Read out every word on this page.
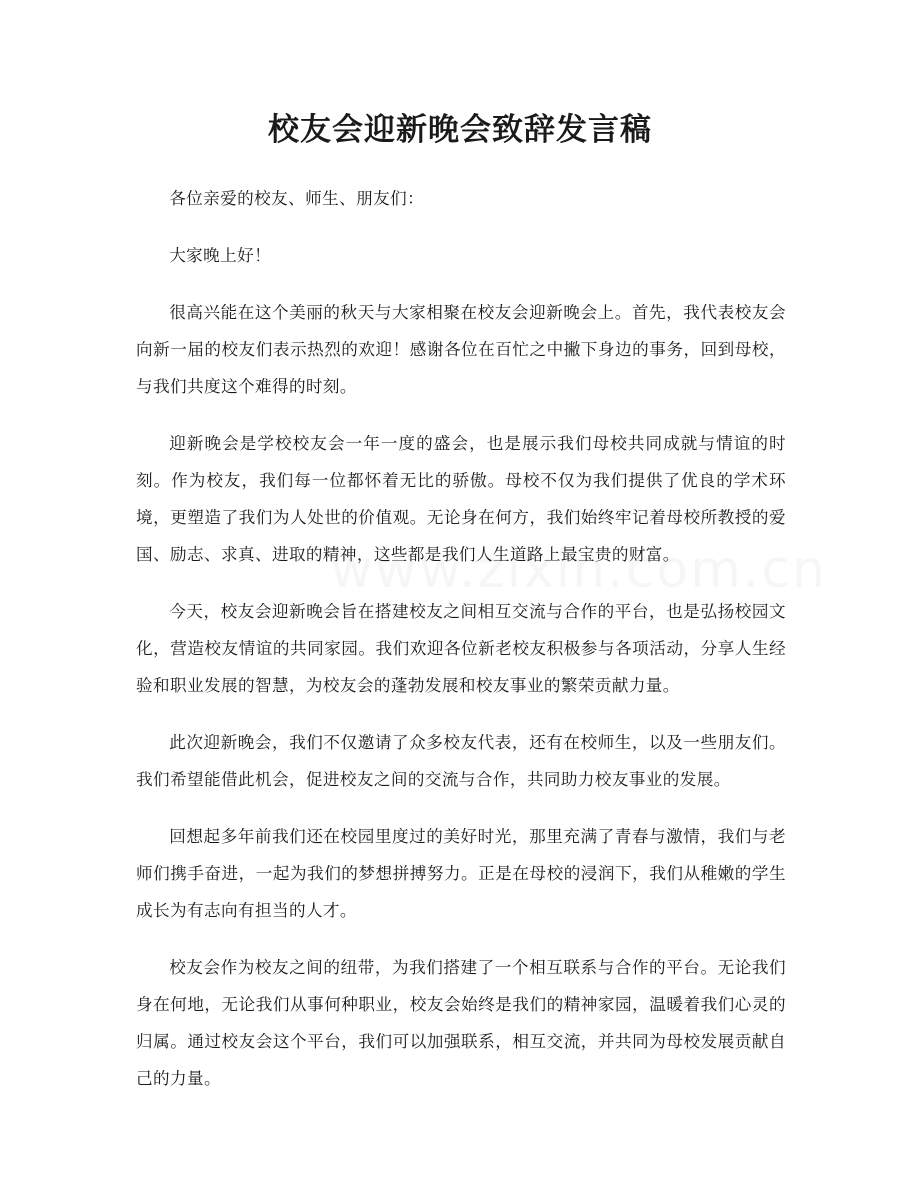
校友会迎新晚会致辞发言稿

各位亲爱的校友、师生、朋友们：

大家晚上好！

很高兴能在这个美丽的秋天与大家相聚在校友会迎新晚会上。首先，我代表校友会向新一届的校友们表示热烈的欢迎！感谢各位在百忙之中撇下身边的事务，回到母校，与我们共度这个难得的时刻。

迎新晚会是学校校友会一年一度的盛会，也是展示我们母校共同成就与情谊的时刻。作为校友，我们每一位都怀着无比的骄傲。母校不仅为我们提供了优良的学术环境，更塑造了我们为人处世的价值观。无论身在何方，我们始终牢记着母校所教授的爱国、励志、求真、进取的精神，这些都是我们人生道路上最宝贵的财富。

今天，校友会迎新晚会旨在搭建校友之间相互交流与合作的平台，也是弘扬校园文化，营造校友情谊的共同家园。我们欢迎各位新老校友积极参与各项活动，分享人生经验和职业发展的智慧，为校友会的蓬勃发展和校友事业的繁荣贡献力量。

此次迎新晚会，我们不仅邀请了众多校友代表，还有在校师生，以及一些朋友们。我们希望能借此机会，促进校友之间的交流与合作，共同助力校友事业的发展。

回想起多年前我们还在校园里度过的美好时光，那里充满了青春与激情，我们与老师们携手奋进，一起为我们的梦想拼搏努力。正是在母校的浸润下，我们从稚嫩的学生成长为有志向有担当的人才。

校友会作为校友之间的纽带，为我们搭建了一个相互联系与合作的平台。无论我们身在何地，无论我们从事何种职业，校友会始终是我们的精神家园，温暖着我们心灵的归属。通过校友会这个平台，我们可以加强联系，相互交流，并共同为母校发展贡献自己的力量。
